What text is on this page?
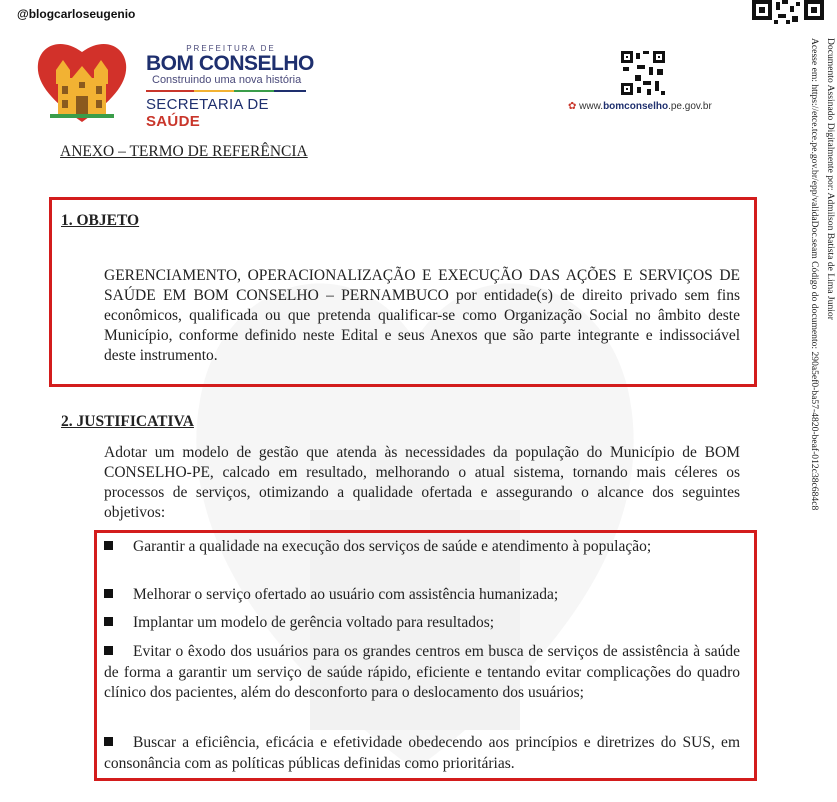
@blogcarloseugenio
PREFEITURA DE
BOM CONSELHO
Construindo uma nova história
SECRETARIA DE SAÚDE
✿ www.bomconselho.pe.gov.br	Documento Assinado Digitalmente por: Admilson Batista de Lima Junior
Acesse em: https://etce.tce.pe.gov.br/epp/validaDoc.seam Código do documento: 290a5ef0-ba57-4820-beaf-012c38c684c8
ANEXO – TERMO DE REFERÊNCIA
1. OBJETO
GERENCIAMENTO, OPERACIONALIZAÇÃO E EXECUÇÃO DAS AÇÕES E SERVIÇOS DE SAÚDE EM BOM CONSELHO – PERNAMBUCO por entidade(s) de direito privado sem fins econômicos, qualificada ou que pretenda qualificar-se como Organização Social no âmbito deste Município, conforme definido neste Edital e seus Anexos que são parte integrante e indissociável deste instrumento.
2. JUSTIFICATIVA
Adotar um modelo de gestão que atenda às necessidades da população do Município de BOM CONSELHO-PE, calcado em resultado, melhorando o atual sistema, tornando mais céleres os processos de serviços, otimizando a qualidade ofertada e assegurando o alcance dos seguintes objetivos:
Garantir a qualidade na execução dos serviços de saúde e atendimento à população;
Melhorar o serviço ofertado ao usuário com assistência humanizada;
Implantar um modelo de gerência voltado para resultados;
Evitar o êxodo dos usuários para os grandes centros em busca de serviços de assistência à saúde de forma a garantir um serviço de saúde rápido, eficiente e tentando evitar complicações do quadro clínico dos pacientes, além do desconforto para o deslocamento dos usuários;
Buscar a eficiência, eficácia e efetividade obedecendo aos princípios e diretrizes do SUS, em consonância com as políticas públicas definidas como prioritárias.
